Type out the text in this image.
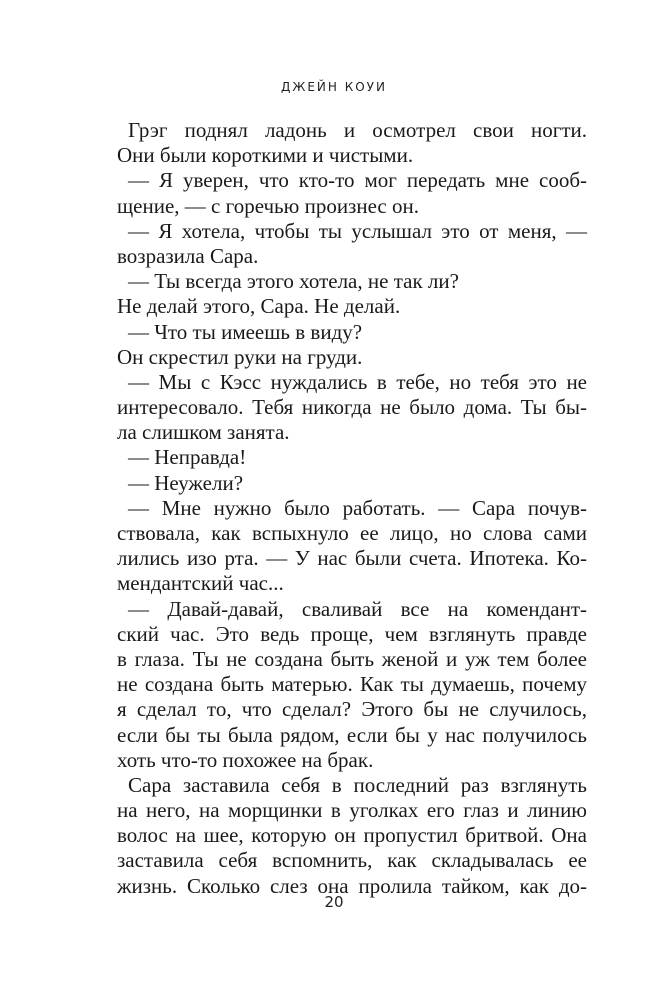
ДЖЕЙН КОУИ
Грэг поднял ладонь и осмотрел свои ногти.
Они были короткими и чистыми.
— Я уверен, что кто-то мог передать мне сооб-
щение, — с горечью произнес он.
— Я хотела, чтобы ты услышал это от меня, —
возразила Сара.
— Ты всегда этого хотела, не так ли?
Не делай этого, Сара. Не делай.
— Что ты имеешь в виду?
Он скрестил руки на груди.
— Мы с Кэсс нуждались в тебе, но тебя это не
интересовало. Тебя никогда не было дома. Ты бы-
ла слишком занята.
— Неправда!
— Неужели?
— Мне нужно было работать. — Сара почув-
ствовала, как вспыхнуло ее лицо, но слова сами
лились изо рта. — У нас были счета. Ипотека. Ко-
мендантский час...
— Давай-давай, сваливай все на комендант-
ский час. Это ведь проще, чем взглянуть правде
в глаза. Ты не создана быть женой и уж тем более
не создана быть матерью. Как ты думаешь, почему
я сделал то, что сделал? Этого бы не случилось,
если бы ты была рядом, если бы у нас получилось
хоть что-то похожее на брак.
Сара заставила себя в последний раз взглянуть
на него, на морщинки в уголках его глаз и линию
волос на шее, которую он пропустил бритвой. Она
заставила себя вспомнить, как складывалась ее
жизнь. Сколько слез она пролила тайком, как до-
20
